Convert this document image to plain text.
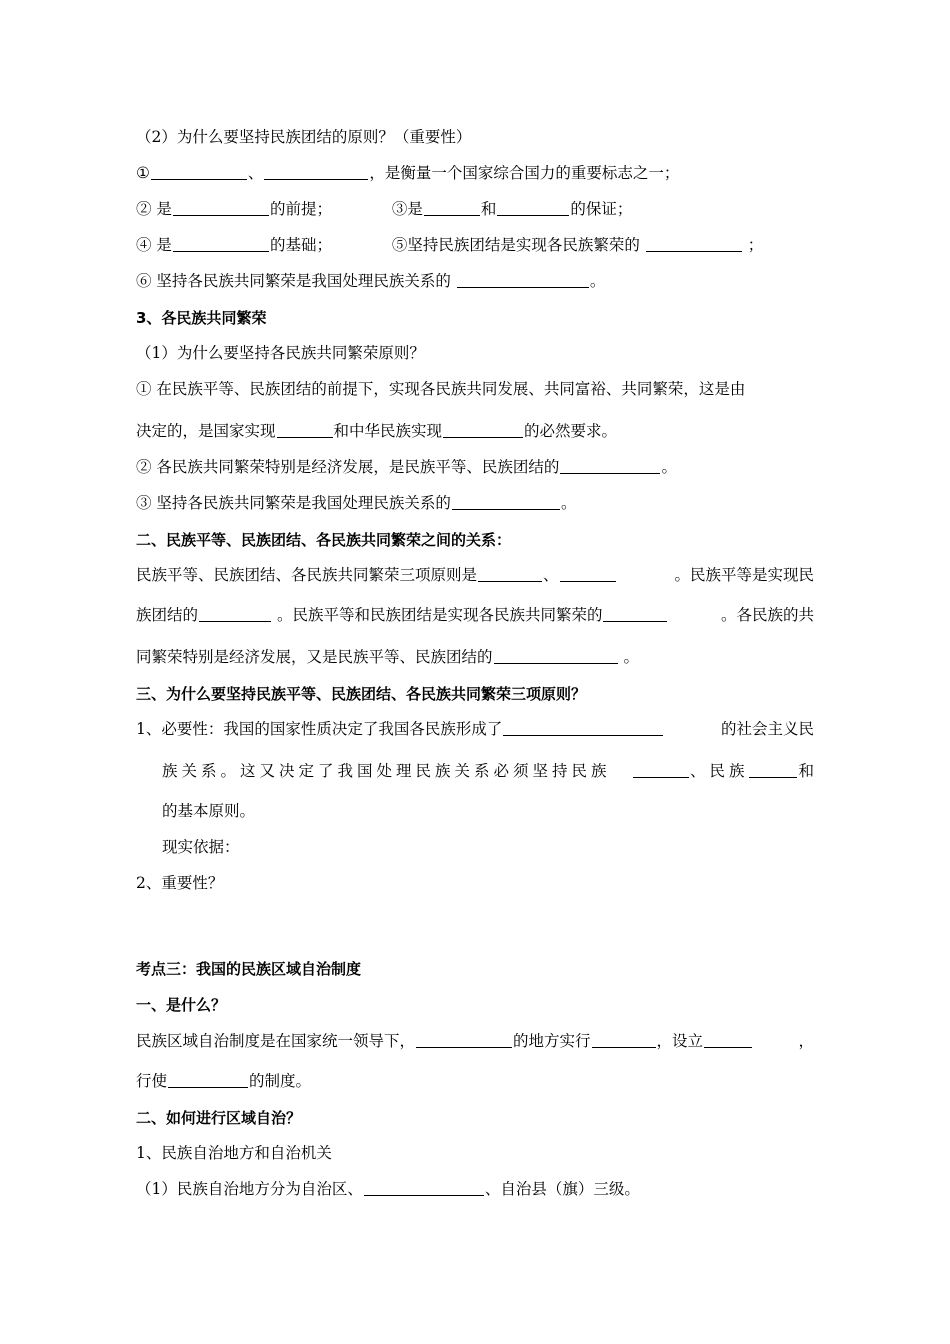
（2）为什么要坚持民族团结的原则？（重要性）
①	、	，是衡量一个国家综合国力的重要标志之一；
② 是	的前提；	③是	和	的保证；
④ 是	的基础；	⑤坚持民族团结是实现各民族繁荣的	；
⑥ 坚持各民族共同繁荣是我国处理民族关系的	。
3、各民族共同繁荣
（1）为什么要坚持各民族共同繁荣原则？
① 在民族平等、民族团结的前提下，实现各民族共同发展、共同富裕、共同繁荣，这是由
决定的，是国家实现	和中华民族实现	的必然要求。
② 各民族共同繁荣特别是经济发展，是民族平等、民族团结的	。
③ 坚持各民族共同繁荣是我国处理民族关系的	。
二、民族平等、民族团结、各民族共同繁荣之间的关系：
民族平等、民族团结、各民族共同繁荣三项原则是	、	。民族平等是实现民
族团结的	。民族平等和民族团结是实现各民族共同繁荣的	。各民族的共
同繁荣特别是经济发展，又是民族平等、民族团结的	。
三、为什么要坚持民族平等、民族团结、各民族共同繁荣三项原则？
1、必要性：我国的国家性质决定了我国各民族形成了	的社会主义民
族关系。这又决定了我国处理民族关系必须坚持民族	、民族	和
的基本原则。
现实依据：
2、重要性？
考点三：我国的民族区域自治制度
一、是什么？
民族区域自治制度是在国家统一领导下，	的地方实行	，设立	，
行使	的制度。
二、如何进行区域自治？
1、民族自治地方和自治机关
（1）民族自治地方分为自治区、	、自治县（旗）三级。
